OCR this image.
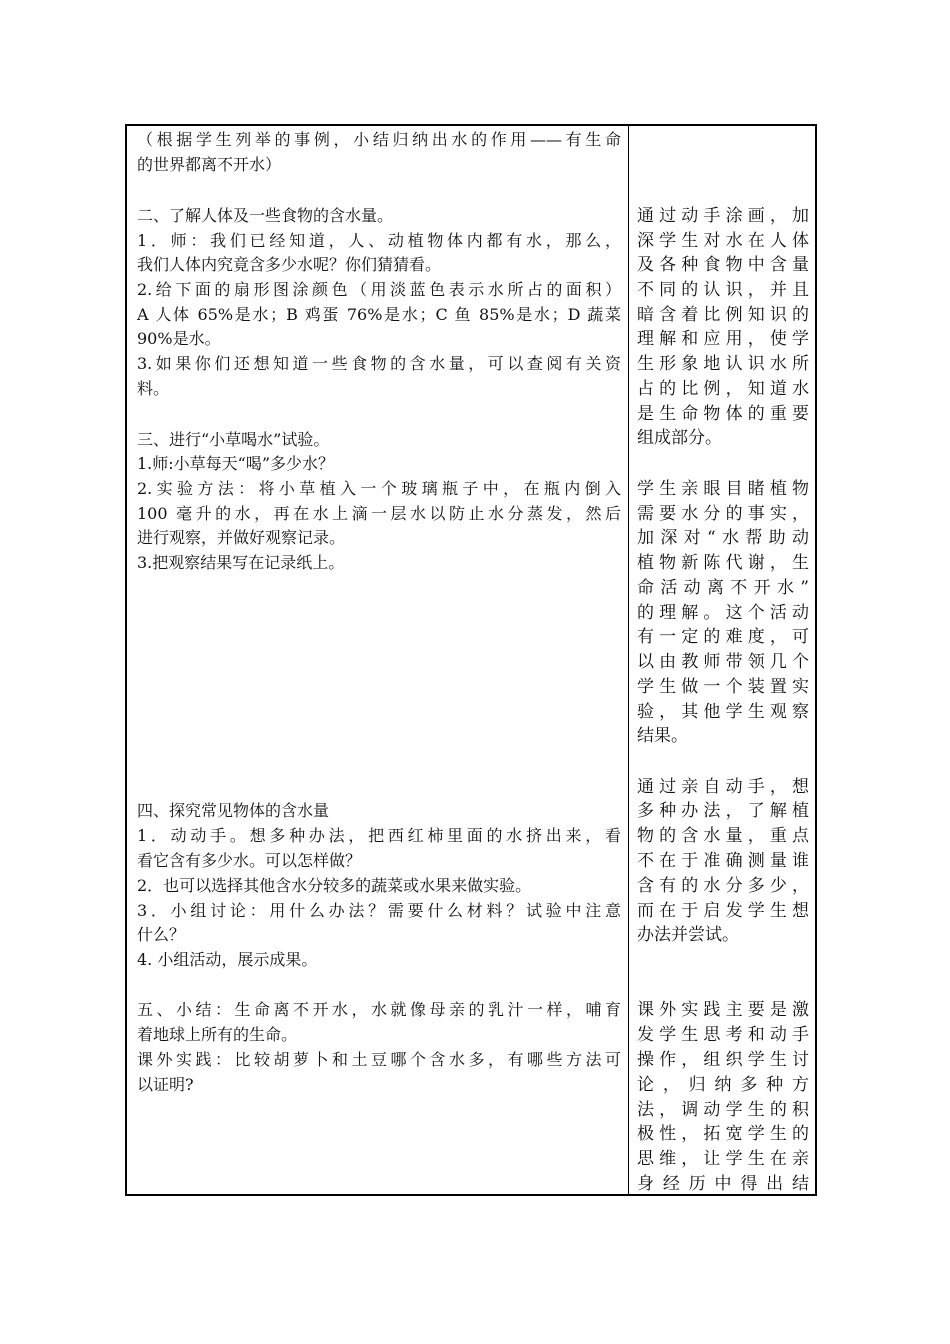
（根据学生列举的事例，小结归纳出水的作用——有生命
的世界都离不开水）
二、了解人体及一些食物的含水量。
1．师：我们已经知道，人、动植物体内都有水，那么，
我们人体内究竟含多少水呢？你们猜猜看。
2.给下面的扇形图涂颜色（用淡蓝色表示水所占的面积）
A 人体 65%是水；B 鸡蛋 76%是水；C 鱼 85%是水；D 蔬菜
90%是水。
3.如果你们还想知道一些食物的含水量，可以查阅有关资
料。
三、进行“小草喝水”试验。
1.师:小草每天“喝”多少水？
2.实验方法：将小草植入一个玻璃瓶子中，在瓶内倒入
100 毫升的水，再在水上滴一层水以防止水分蒸发，然后
进行观察，并做好观察记录。
3.把观察结果写在记录纸上。
四、探究常见物体的含水量
1．动动手。想多种办法，把西红柿里面的水挤出来，看
看它含有多少水。可以怎样做？
2．也可以选择其他含水分较多的蔬菜或水果来做实验。
3．小组讨论：用什么办法？需要什么材料？试验中注意
什么？
4. 小组活动，展示成果。
五、小结：生命离不开水，水就像母亲的乳汁一样，哺育
着地球上所有的生命。
课外实践：比较胡萝卜和土豆哪个含水多，有哪些方法可
以证明?
通过动手涂画，加
深学生对水在人体
及各种食物中含量
不同的认识，并且
暗含着比例知识的
理解和应用，使学
生形象地认识水所
占的比例，知道水
是生命物体的重要
组成部分。
学生亲眼目睹植物
需要水分的事实，
加深对“水帮助动
植物新陈代谢，生
命活动离不开水”
的理解。这个活动
有一定的难度，可
以由教师带领几个
学生做一个装置实
验，其他学生观察
结果。
通过亲自动手，想
多种办法，了解植
物的含水量，重点
不在于准确测量谁
含有的水分多少，
而在于启发学生想
办法并尝试。
课外实践主要是激
发学生思考和动手
操作，组织学生讨
论，归纳多种方
法，调动学生的积
极性，拓宽学生的
思维，让学生在亲
身经历中得出结
